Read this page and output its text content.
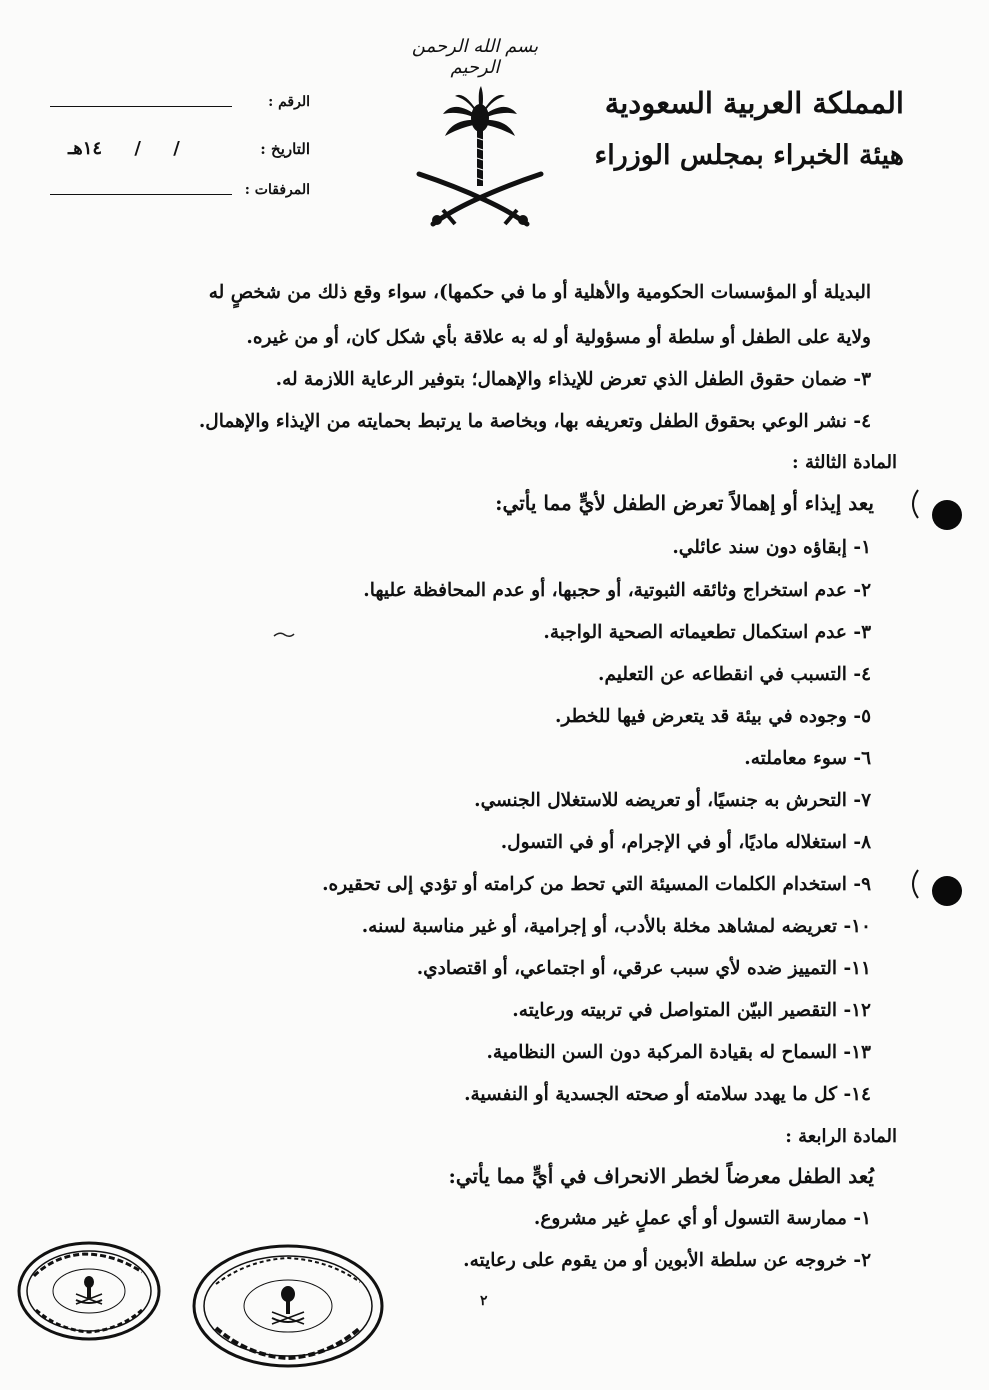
بسم الله الرحمن الرحيم
المملكة العربية السعودية
هيئة الخبراء بمجلس الوزراء
الرقم :
التاريخ :
/ / ١٤هـ
المرفقات :
البديلة أو المؤسسات الحكومية والأهلية أو ما في حكمها)، سواء وقع ذلك من شخصٍ له
ولاية على الطفل أو سلطة أو مسؤولية أو له به علاقة بأي شكل كان، أو من غيره.
٣- ضمان حقوق الطفل الذي تعرض للإيذاء والإهمال؛ بتوفير الرعاية اللازمة له.
٤- نشر الوعي بحقوق الطفل وتعريفه بها، وبخاصة ما يرتبط بحمايته من الإيذاء والإهمال.
المادة الثالثة :
يعد إيذاء أو إهمالاً تعرض الطفل لأيٍّ مما يأتي:
١- إبقاؤه دون سند عائلي.
٢- عدم استخراج وثائقه الثبوتية، أو حجبها، أو عدم المحافظة عليها.
٣- عدم استكمال تطعيماته الصحية الواجبة.
٤- التسبب في انقطاعه عن التعليم.
٥- وجوده في بيئة قد يتعرض فيها للخطر.
٦- سوء معاملته.
٧- التحرش به جنسيًا، أو تعريضه للاستغلال الجنسي.
٨- استغلاله ماديًا، أو في الإجرام، أو في التسول.
٩- استخدام الكلمات المسيئة التي تحط من كرامته أو تؤدي إلى تحقيره.
١٠- تعريضه لمشاهد مخلة بالأدب، أو إجرامية، أو غير مناسبة لسنه.
١١- التمييز ضده لأي سبب عرقي، أو اجتماعي، أو اقتصادي.
١٢- التقصير البيّن المتواصل في تربيته ورعايته.
١٣- السماح له بقيادة المركبة دون السن النظامية.
١٤- كل ما يهدد سلامته أو صحته الجسدية أو النفسية.
المادة الرابعة :
يُعد الطفل معرضاً لخطر الانحراف في أيٍّ مما يأتي:
١- ممارسة التسول أو أي عملٍ غير مشروع.
٢- خروجه عن سلطة الأبوين أو من يقوم على رعايته.
٢
